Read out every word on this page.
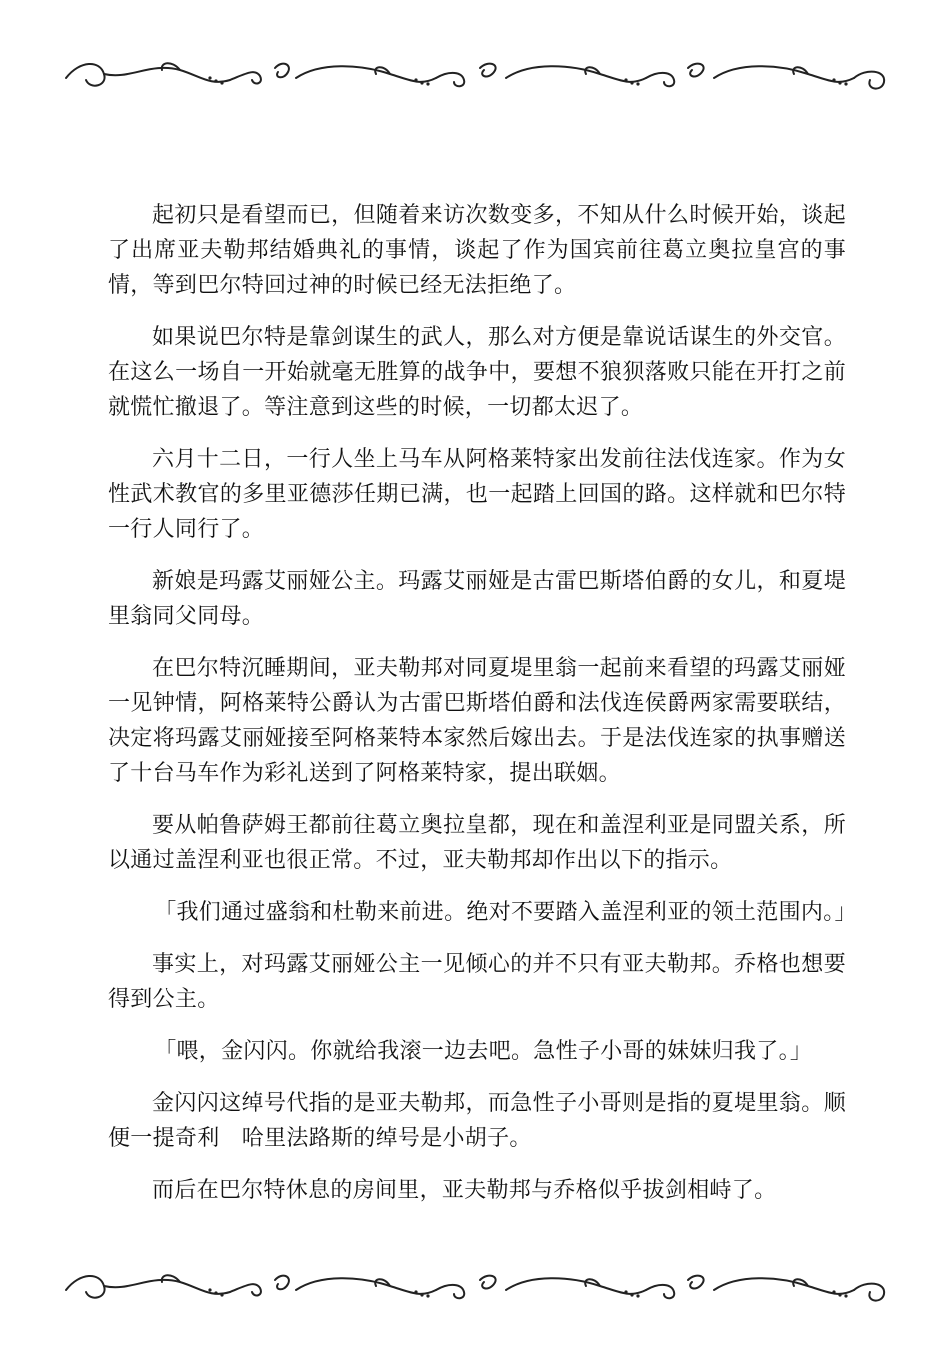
起初只是看望而已，但随着来访次数变多，不知从什么时候开始，谈起了出席亚夫勒邦结婚典礼的事情，谈起了作为国宾前往葛立奥拉皇宫的事情，等到巴尔特回过神的时候已经无法拒绝了。

如果说巴尔特是靠剑谋生的武人，那么对方便是靠说话谋生的外交官。在这么一场自一开始就毫无胜算的战争中，要想不狼狈落败只能在开打之前就慌忙撤退了。等注意到这些的时候，一切都太迟了。

六月十二日，一行人坐上马车从阿格莱特家出发前往法伐连家。作为女性武术教官的多里亚德莎任期已满，也一起踏上回国的路。这样就和巴尔特一行人同行了。

新娘是玛露艾丽娅公主。玛露艾丽娅是古雷巴斯塔伯爵的女儿，和夏堤里翁同父同母。

在巴尔特沉睡期间，亚夫勒邦对同夏堤里翁一起前来看望的玛露艾丽娅一见钟情，阿格莱特公爵认为古雷巴斯塔伯爵和法伐连侯爵两家需要联结，决定将玛露艾丽娅接至阿格莱特本家然后嫁出去。于是法伐连家的执事赠送了十台马车作为彩礼送到了阿格莱特家，提出联姻。

要从帕鲁萨姆王都前往葛立奥拉皇都，现在和盖涅利亚是同盟关系，所以通过盖涅利亚也很正常。不过，亚夫勒邦却作出以下的指示。

「我们通过盛翁和杜勒来前进。绝对不要踏入盖涅利亚的领土范围内。」

事实上，对玛露艾丽娅公主一见倾心的并不只有亚夫勒邦。乔格也想要得到公主。

「喂，金闪闪。你就给我滚一边去吧。急性子小哥的妹妹归我了。」

金闪闪这绰号代指的是亚夫勒邦，而急性子小哥则是指的夏堤里翁。顺便一提奇利　哈里法路斯的绰号是小胡子。

而后在巴尔特休息的房间里，亚夫勒邦与乔格似乎拔剑相峙了。
